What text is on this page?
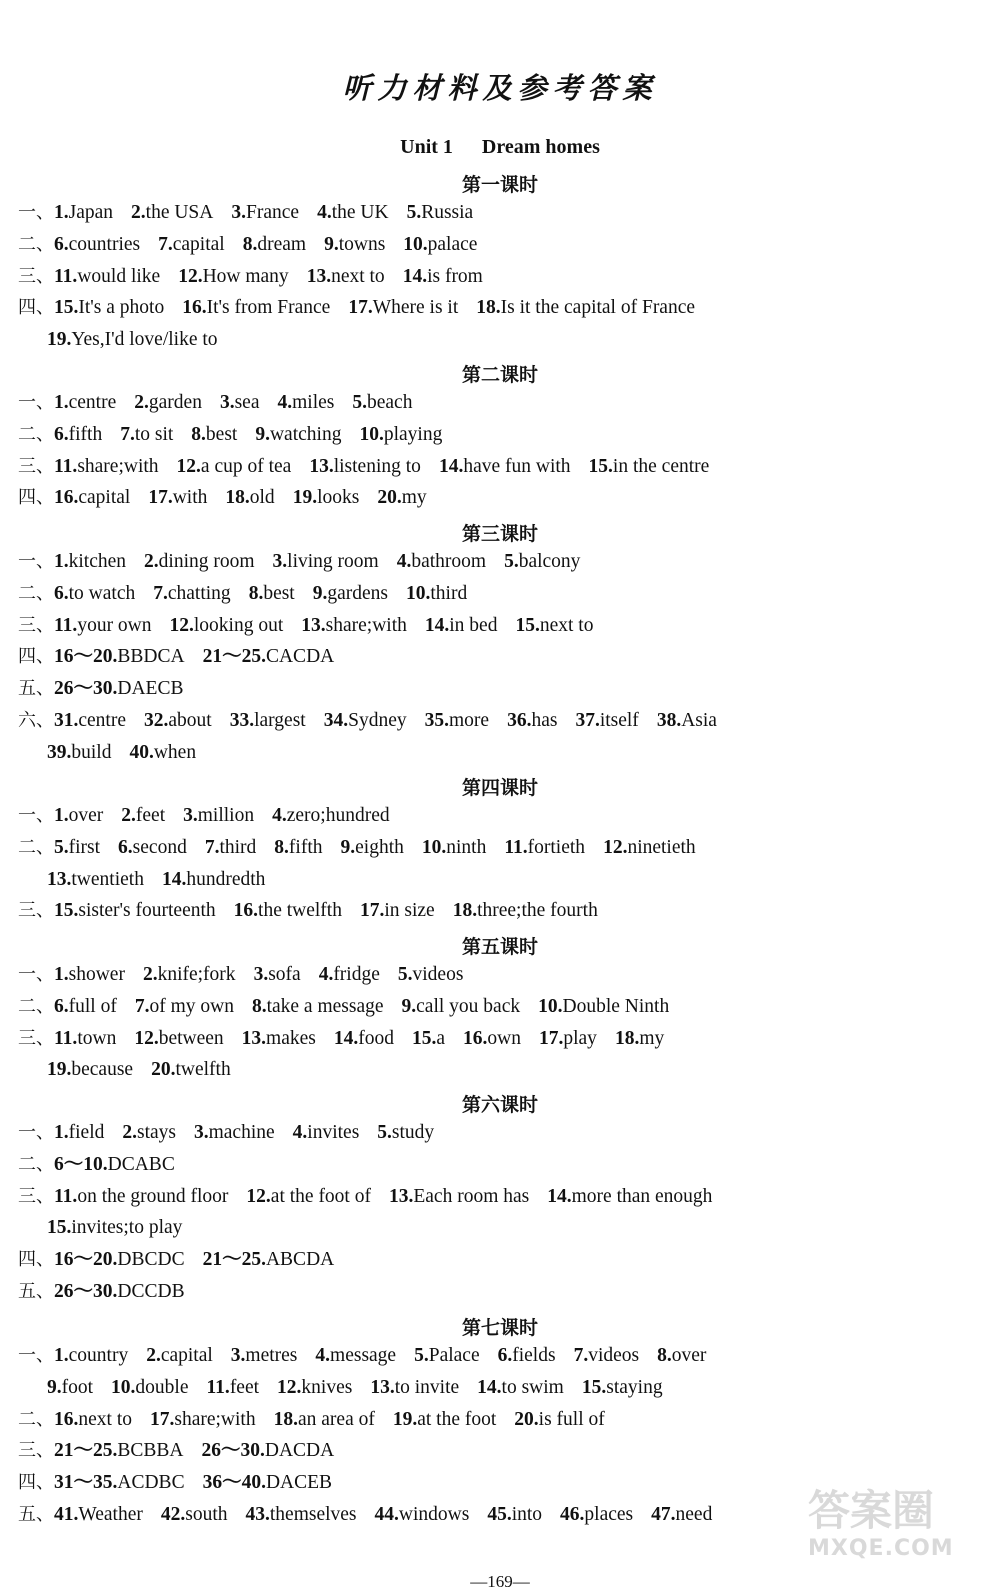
听力材料及参考答案
Unit 1 Dream homes
第一课时
一、1.Japan 2.the USA 3.France 4.the UK 5.Russia
二、6.countries 7.capital 8.dream 9.towns 10.palace
三、11.would like 12.How many 13.next to 14.is from
四、15.It's a photo 16.It's from France 17.Where is it 18.Is it the capital of France
19.Yes,I'd love/like to
第二课时
一、1.centre 2.garden 3.sea 4.miles 5.beach
二、6.fifth 7.to sit 8.best 9.watching 10.playing
三、11.share;with 12.a cup of tea 13.listening to 14.have fun with 15.in the centre
四、16.capital 17.with 18.old 19.looks 20.my
第三课时
一、1.kitchen 2.dining room 3.living room 4.bathroom 5.balcony
二、6.to watch 7.chatting 8.best 9.gardens 10.third
三、11.your own 12.looking out 13.share;with 14.in bed 15.next to
四、16～20.BBDCA 21～25.CACDA
五、26～30.DAECB
六、31.centre 32.about 33.largest 34.Sydney 35.more 36.has 37.itself 38.Asia
39.build 40.when
第四课时
一、1.over 2.feet 3.million 4.zero;hundred
二、5.first 6.second 7.third 8.fifth 9.eighth 10.ninth 11.fortieth 12.ninetieth
13.twentieth 14.hundredth
三、15.sister's fourteenth 16.the twelfth 17.in size 18.three;the fourth
第五课时
一、1.shower 2.knife;fork 3.sofa 4.fridge 5.videos
二、6.full of 7.of my own 8.take a message 9.call you back 10.Double Ninth
三、11.town 12.between 13.makes 14.food 15.a 16.own 17.play 18.my
19.because 20.twelfth
第六课时
一、1.field 2.stays 3.machine 4.invites 5.study
二、6～10.DCABC
三、11.on the ground floor 12.at the foot of 13.Each room has 14.more than enough
15.invites;to play
四、16～20.DBCDC 21～25.ABCDA
五、26～30.DCCDB
第七课时
一、1.country 2.capital 3.metres 4.message 5.Palace 6.fields 7.videos 8.over
9.foot 10.double 11.feet 12.knives 13.to invite 14.to swim 15.staying
二、16.next to 17.share;with 18.an area of 19.at the foot 20.is full of
三、21～25.BCBBA 26～30.DACDA
四、31～35.ACDBC 36～40.DACEB
五、41.Weather 42.south 43.themselves 44.windows 45.into 46.places 47.need
—169—
答案圈
MXQE.COM
